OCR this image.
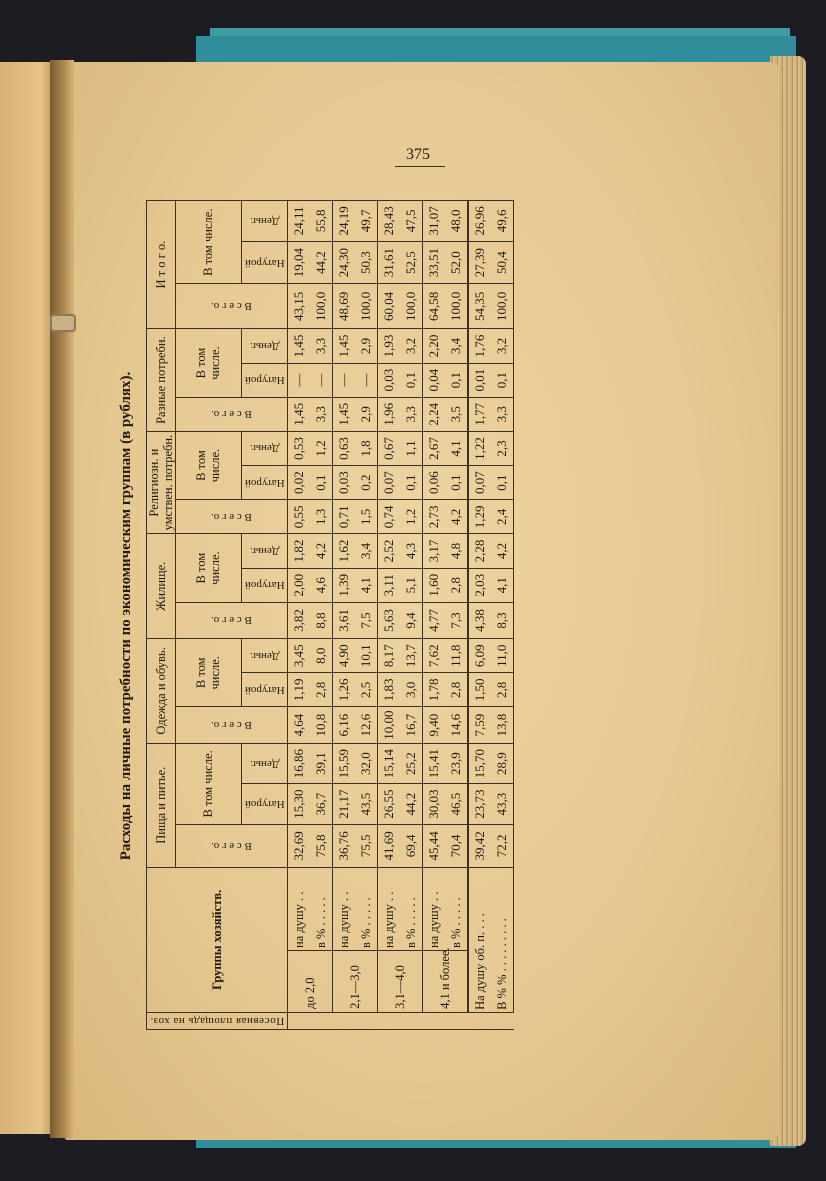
375
Расходы на личные потребности по экономическим группам (в рублях).
Посевная площадь на хоз.	Группы хозяйств.		Пища и питье.			Одежда и обувь.			Жилище.			Религиозн. и умствен. потребн.			Разные потребн.			И т о г о.		

			В с е г о.	В том числе.		В с е г о.	В том числе.		В с е г о.	В том числе.		В с е г о.	В том числе.		В с е г о.	В том числе.		В с е г о.	В том числе.	

				Натурой	Деньг.		Натурой	Деньг.		Натурой	Деньг.		Натурой	Деньг.		Натурой	Деньг.		Натурой	Деньг.

	до 2,0	на душу . .	32,69	15,30	16,86	4,64	1,19	3,45	3,82	2,00	1,82	0,55	0,02	0,53	1,45	—	1,45	43,15	19,04	24,11
		в % . . . . .	75,8	36,7	39,1	10,8	2,8	8,0	8,8	4,6	4,2	1,3	0,1	1,2	3,3	—	3,3	100,0	44,2	55,8
	2,1—3,0	на душу . .	36,76	21,17	15,59	6,16	1,26	4,90	3,61	1,39	1,62	0,71	0,03	0,63	1,45	—	1,45	48,69	24,30	24,19
		в % . . . . .	75,5	43,5	32,0	12,6	2,5	10,1	7,5	4,1	3,4	1,5	0,2	1,8	2,9	—	2,9	100,0	50,3	49,7
	3,1—4,0	на душу . .	41,69	26,55	15,14	10,00	1,83	8,17	5,63	3,11	2,52	0,74	0,07	0,67	1,96	0,03	1,93	60,04	31,61	28,43
		в % . . . . .	69,4	44,2	25,2	16,7	3,0	13,7	9,4	5,1	4,3	1,2	0,1	1,1	3,3	0,1	3,2	100,0	52,5	47,5
	4,1 и более.	на душу . .	45,44	30,03	15,41	9,40	1,78	7,62	4,77	1,60	3,17	2,73	0,06	2,67	2,24	0,04	2,20	64,58	33,51	31,07
		в % . . . . .	70,4	46,5	23,9	14,6	2,8	11,8	7,3	2,8	4,8	4,2	0,1	4,1	3,5	0,1	3,4	100,0	52,0	48,0
	На душу об. п. . . .		39,42	23,73	15,70	7,59	1,50	6,09	4,38	2,03	2,28	1,29	0,07	1,22	1,77	0,01	1,76	54,35	27,39	26,96
	В % % . . . . . . . . .		72,2	43,3	28,9	13,8	2,8	11,0	8,3	4,1	4,2	2,4	0,1	2,3	3,3	0,1	3,2	100,0	50,4	49,6
